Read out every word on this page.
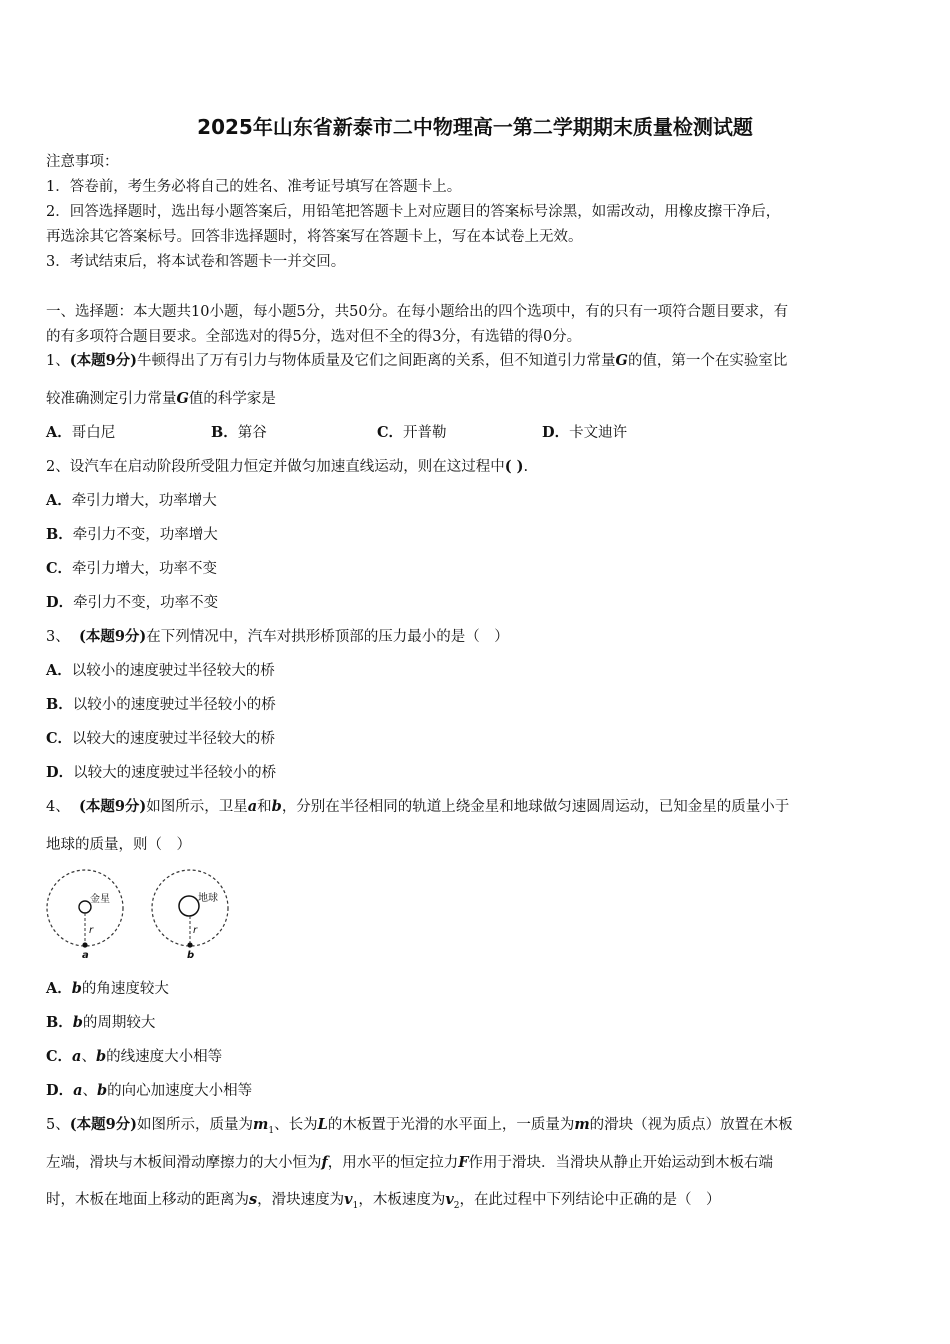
2025年山东省新泰市二中物理高一第二学期期末质量检测试题
注意事项：
1．答卷前，考生务必将自己的姓名、准考证号填写在答题卡上。
2．回答选择题时，选出每小题答案后，用铅笔把答题卡上对应题目的答案标号涂黑，如需改动，用橡皮擦干净后，
再选涂其它答案标号。回答非选择题时，将答案写在答题卡上，写在本试卷上无效。
3．考试结束后，将本试卷和答题卡一并交回。
一、选择题：本大题共10小题，每小题5分，共50分。在每小题给出的四个选项中，有的只有一项符合题目要求，有
的有多项符合题目要求。全部选对的得5分，选对但不全的得3分，有选错的得0分。
1、(本题9分)牛顿得出了万有引力与物体质量及它们之间距离的关系，但不知道引力常量G的值，第一个在实验室比
较准确测定引力常量G值的科学家是
A．哥白尼	B．第谷	C．开普勒	D．卡文迪许
2、设汽车在启动阶段所受阻力恒定并做匀加速直线运动，则在这过程中( ).
A．牵引力增大，功率增大
B．牵引力不变，功率增大
C．牵引力增大，功率不变
D．牵引力不变，功率不变
3、 (本题9分)在下列情况中，汽车对拱形桥顶部的压力最小的是（　）
A．以较小的速度驶过半径较大的桥
B．以较小的速度驶过半径较小的桥
C．以较大的速度驶过半径较大的桥
D．以较大的速度驶过半径较小的桥
4、 (本题9分)如图所示，卫星a和b，分别在半径相同的轨道上绕金星和地球做匀速圆周运动，已知金星的质量小于
地球的质量，则（　）
金星
r
a
地球
r
b
A．b的角速度较大
B．b的周期较大
C．a、b的线速度大小相等
D．a、b的向心加速度大小相等
5、(本题9分)如图所示，质量为$m_1$、长为L的木板置于光滑的水平面上，一质量为m的滑块（视为质点）放置在木板
左端，滑块与木板间滑动摩擦力的大小恒为f，用水平的恒定拉力F作用于滑块．当滑块从静止开始运动到木板右端
时，木板在地面上移动的距离为s，滑块速度为$v_1$，木板速度为$v_2$，在此过程中下列结论中正确的是（　）
